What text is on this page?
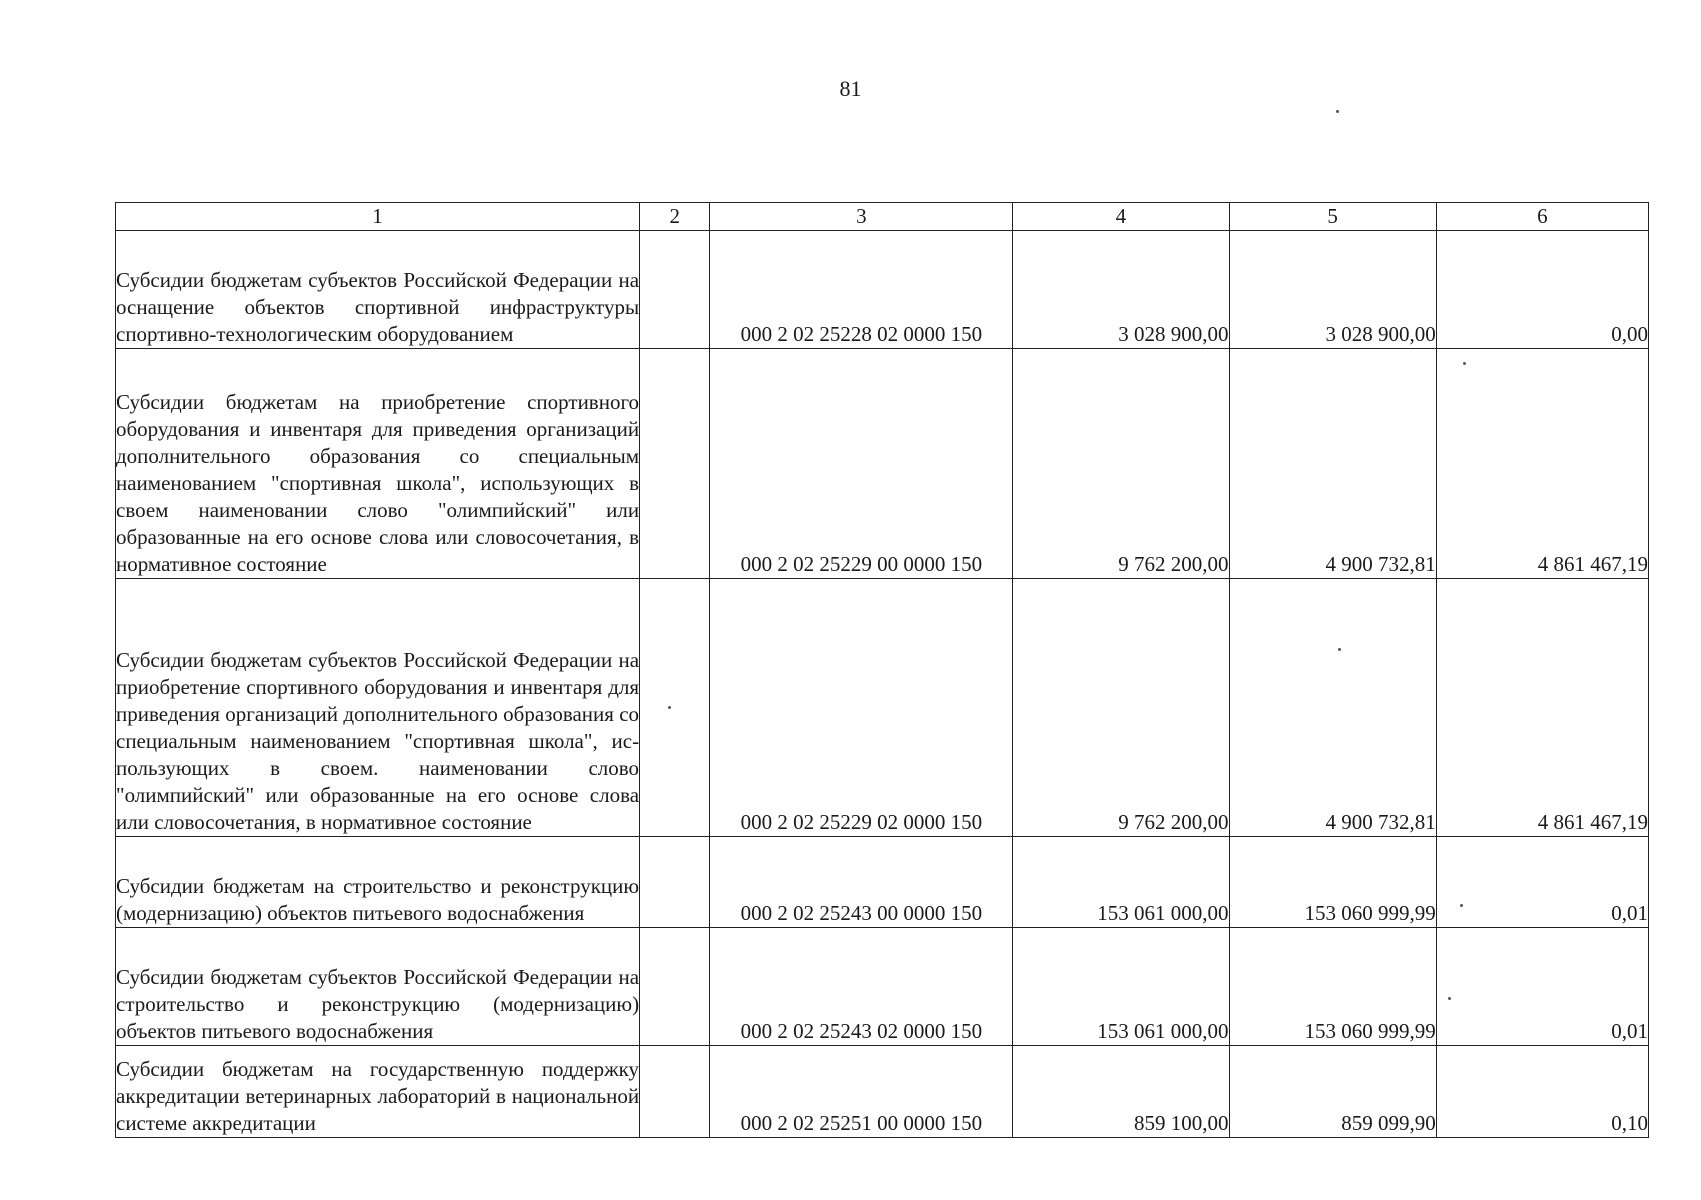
81
1	2	3	4	5	6
Субсидии бюджетам субъектов Российской Федерации на оснащение объектов спортивной инфраструктуры спортивно-технологическим оборудованием		000 2 02 25228 02 0000 150	3 028 900,00	3 028 900,00	0,00
Субсидии бюджетам на приобретение спортивного оборудования и инвентаря для приведения организаций дополнительного образования со специальным наименованием "спортивная школа", использующих в своем наименовании слово "олимпийский" или образованные на его основе слова или словосочетания, в нормативное состояние		000 2 02 25229 00 0000 150	9 762 200,00	4 900 732,81	4 861 467,19
Субсидии бюджетам субъектов Российской Федерации на приобретение спортивного оборудования и инвентаря для приведения организаций дополнительного образования со специальным наименованием "спортивная школа", использующих в своем. наименовании слово "олимпийский" или образованные на его основе слова или словосочетания, в нормативное состояние		000 2 02 25229 02 0000 150	9 762 200,00	4 900 732,81	4 861 467,19
Субсидии бюджетам на строительство и реконструкцию (модернизацию) объектов питьевого водоснабжения		000 2 02 25243 00 0000 150	153 061 000,00	153 060 999,99	0,01
Субсидии бюджетам субъектов Российской Федерации на строительство и реконструкцию (модернизацию) объектов питьевого водоснабжения		000 2 02 25243 02 0000 150	153 061 000,00	153 060 999,99	0,01
Субсидии бюджетам на государственную поддержку аккредитации ветеринарных лабораторий в национальной системе аккредитации		000 2 02 25251 00 0000 150	859 100,00	859 099,90	0,10
